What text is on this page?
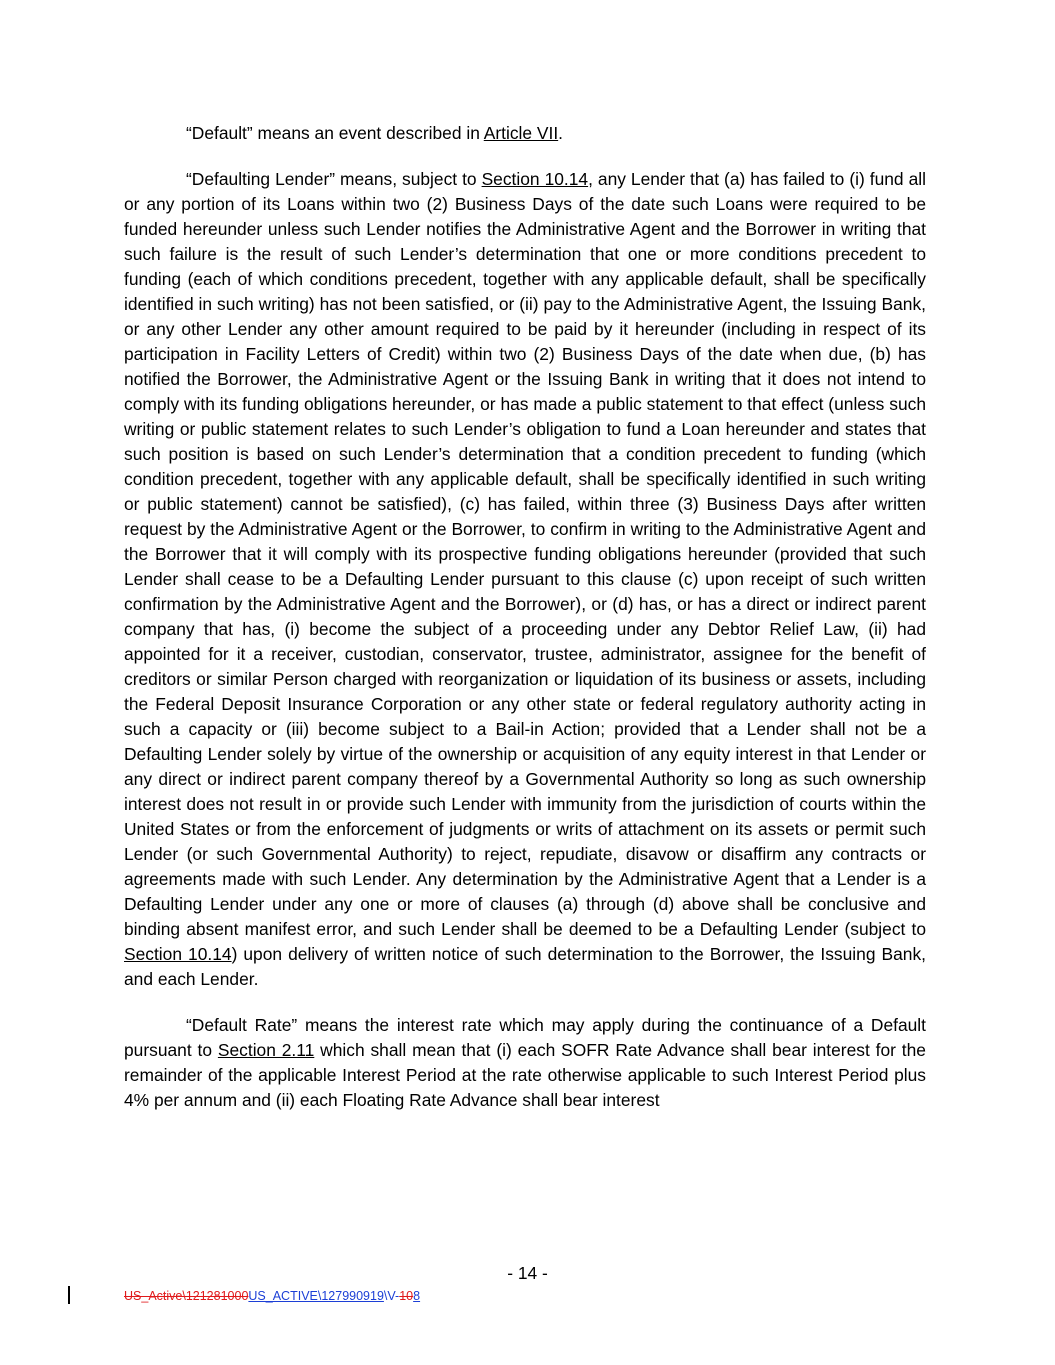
“Default” means an event described in Article VII.

“Defaulting Lender” means, subject to Section 10.14, any Lender that (a) has failed to (i) fund all or any portion of its Loans within two (2) Business Days of the date such Loans were required to be funded hereunder unless such Lender notifies the Administrative Agent and the Borrower in writing that such failure is the result of such Lender’s determination that one or more conditions precedent to funding (each of which conditions precedent, together with any applicable default, shall be specifically identified in such writing) has not been satisfied, or (ii) pay to the Administrative Agent, the Issuing Bank, or any other Lender any other amount required to be paid by it hereunder (including in respect of its participation in Facility Letters of Credit) within two (2) Business Days of the date when due, (b) has notified the Borrower, the Administrative Agent or the Issuing Bank in writing that it does not intend to comply with its funding obligations hereunder, or has made a public statement to that effect (unless such writing or public statement relates to such Lender’s obligation to fund a Loan hereunder and states that such position is based on such Lender’s determination that a condition precedent to funding (which condition precedent, together with any applicable default, shall be specifically identified in such writing or public statement) cannot be satisfied), (c) has failed, within three (3) Business Days after written request by the Administrative Agent or the Borrower, to confirm in writing to the Administrative Agent and the Borrower that it will comply with its prospective funding obligations hereunder (provided that such Lender shall cease to be a Defaulting Lender pursuant to this clause (c) upon receipt of such written confirmation by the Administrative Agent and the Borrower), or (d) has, or has a direct or indirect parent company that has, (i) become the subject of a proceeding under any Debtor Relief Law, (ii) had appointed for it a receiver, custodian, conservator, trustee, administrator, assignee for the benefit of creditors or similar Person charged with reorganization or liquidation of its business or assets, including the Federal Deposit Insurance Corporation or any other state or federal regulatory authority acting in such a capacity or (iii) become subject to a Bail-in Action; provided that a Lender shall not be a Defaulting Lender solely by virtue of the ownership or acquisition of any equity interest in that Lender or any direct or indirect parent company thereof by a Governmental Authority so long as such ownership interest does not result in or provide such Lender with immunity from the jurisdiction of courts within the United States or from the enforcement of judgments or writs of attachment on its assets or permit such Lender (or such Governmental Authority) to reject, repudiate, disavow or disaffirm any contracts or agreements made with such Lender. Any determination by the Administrative Agent that a Lender is a Defaulting Lender under any one or more of clauses (a) through (d) above shall be conclusive and binding absent manifest error, and such Lender shall be deemed to be a Defaulting Lender (subject to Section 10.14) upon delivery of written notice of such determination to the Borrower, the Issuing Bank, and each Lender.

“Default Rate” means the interest rate which may apply during the continuance of a Default pursuant to Section 2.11 which shall mean that (i) each SOFR Rate Advance shall bear interest for the remainder of the applicable Interest Period at the rate otherwise applicable to such Interest Period plus 4% per annum and (ii) each Floating Rate Advance shall bear interest

- 14 -
US_Active\121281000US_ACTIVE\127990919\V-108
